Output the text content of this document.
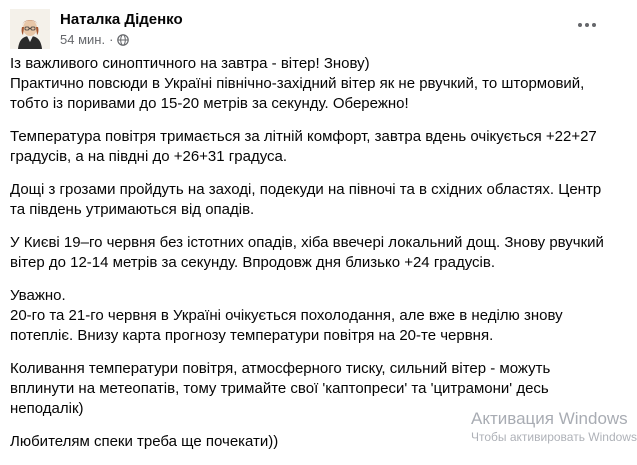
Наталка Діденко
54 мин. ·

Із важливого синоптичного на завтра - вітер! Знову)
Практично повсюди в Україні північно-західний вітер як не рвучкий, то штормовий, тобто із поривами до 15-20 метрів за секунду. Обережно!

Температура повітря тримається за літній комфорт, завтра вдень очікується +22+27 градусів, а на півдні до +26+31 градуса.

Дощі з грозами пройдуть на заході, подекуди на півночі та в східних областях. Центр та південь утримаються від опадів.

У Києві 19–го червня без істотних опадів, хіба ввечері локальний дощ. Знову рвучкий вітер до 12-14 метрів за секунду. Впродовж дня близько +24 градусів.

Уважно.
20-го та 21-го червня в Україні очікується похолодання, але вже в неділю знову потепліє. Внизу карта прогнозу температури повітря на 20-те червня.

Коливання температури повітря, атмосферного тиску, сильний вітер - можуть вплинути на метеопатів, тому тримайте свої 'каптопреси' та 'цитрамони' десь неподалік)

Любителям спеки треба ще почекати))

Активация Windows
Чтобы активировать Windows
